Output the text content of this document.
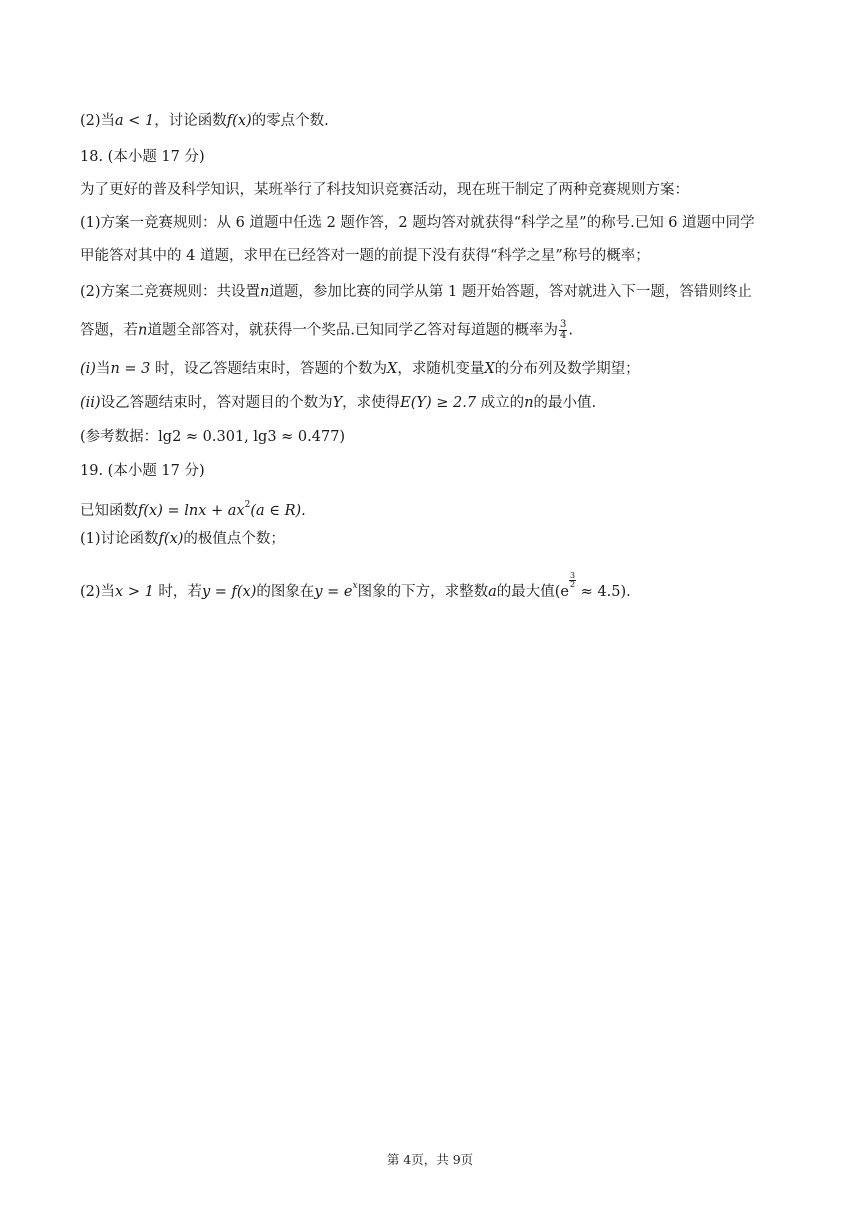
(2)当a < 1，讨论函数f(x)的零点个数.
18. (本小题 17 分)
为了更好的普及科学知识，某班举行了科技知识竞赛活动，现在班干制定了两种竞赛规则方案：
(1)方案一竞赛规则：从 6 道题中任选 2 题作答，2 题均答对就获得“科学之星”的称号.已知 6 道题中同学
甲能答对其中的 4 道题，求甲在已经答对一题的前提下没有获得“科学之星”称号的概率；
(2)方案二竞赛规则：共设置n道题，参加比赛的同学从第 1 题开始答题，答对就进入下一题，答错则终止
答题，若n道题全部答对，就获得一个奖品.已知同学乙答对每道题的概率为 $\frac{3}{4}$ .
(i)当n = 3 时，设乙答题结束时，答题的个数为X，求随机变量X的分布列及数学期望；
(ii)设乙答题结束时，答对题目的个数为Y，求使得E(Y) ≥ 2.7 成立的n的最小值.
(参考数据：lg2 ≈ 0.301, lg3 ≈ 0.477)
19. (本小题 17 分)
已知函数$f(x) = \ln x + ax^2(a$ ∈ R).
(1)讨论函数f(x)的极值点个数；
(2)当x > 1 时，若y = f(x)的图象在$y = e^x$图象的下方，求整数a的最大值(e
$\frac{3}{2}$
≈ 4.5).
第 4页，共 9页
